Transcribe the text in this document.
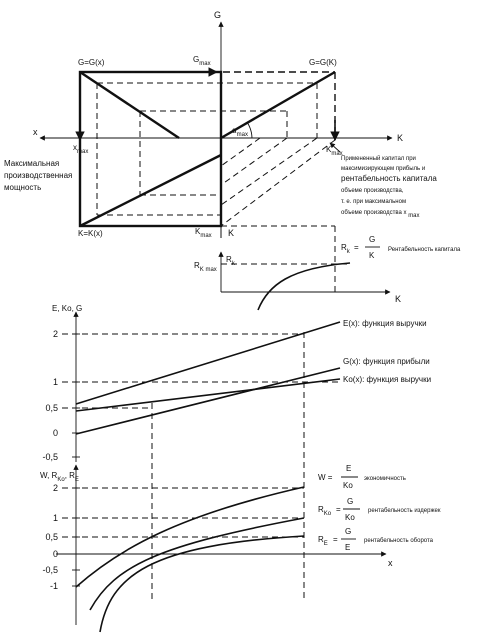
G
K
x
K
G=G(x)	G=G(K)
K=K(x)
$G_{max}$
$K_{max}$
$K_{max}$
$x_{max}$
$\alpha_{max}$
Максимальная производственная мощность
Примененный капитал при максимизирующем прибыль и рентабельность капитала объеме производства, т. е. при максимальном объеме производства x max
$R_k$
$R_{K max}$
K
$R_k$ =
G
K
Рентабельность капитала
E, Ko, G
2
1
0,5
0
-0,5
E(x): функция выручки
G(x): функция прибыли
Ko(x): функция выручки
W, $R_{Ko}$, $R_E$
x
2
1
0,5
0
-0,5
-1
W =
E
Ko
экономичность
$R_{Ko}$ =
G
Ko
рентабельность издержек
$R_E$ =
G
E
рентабельность оборота
